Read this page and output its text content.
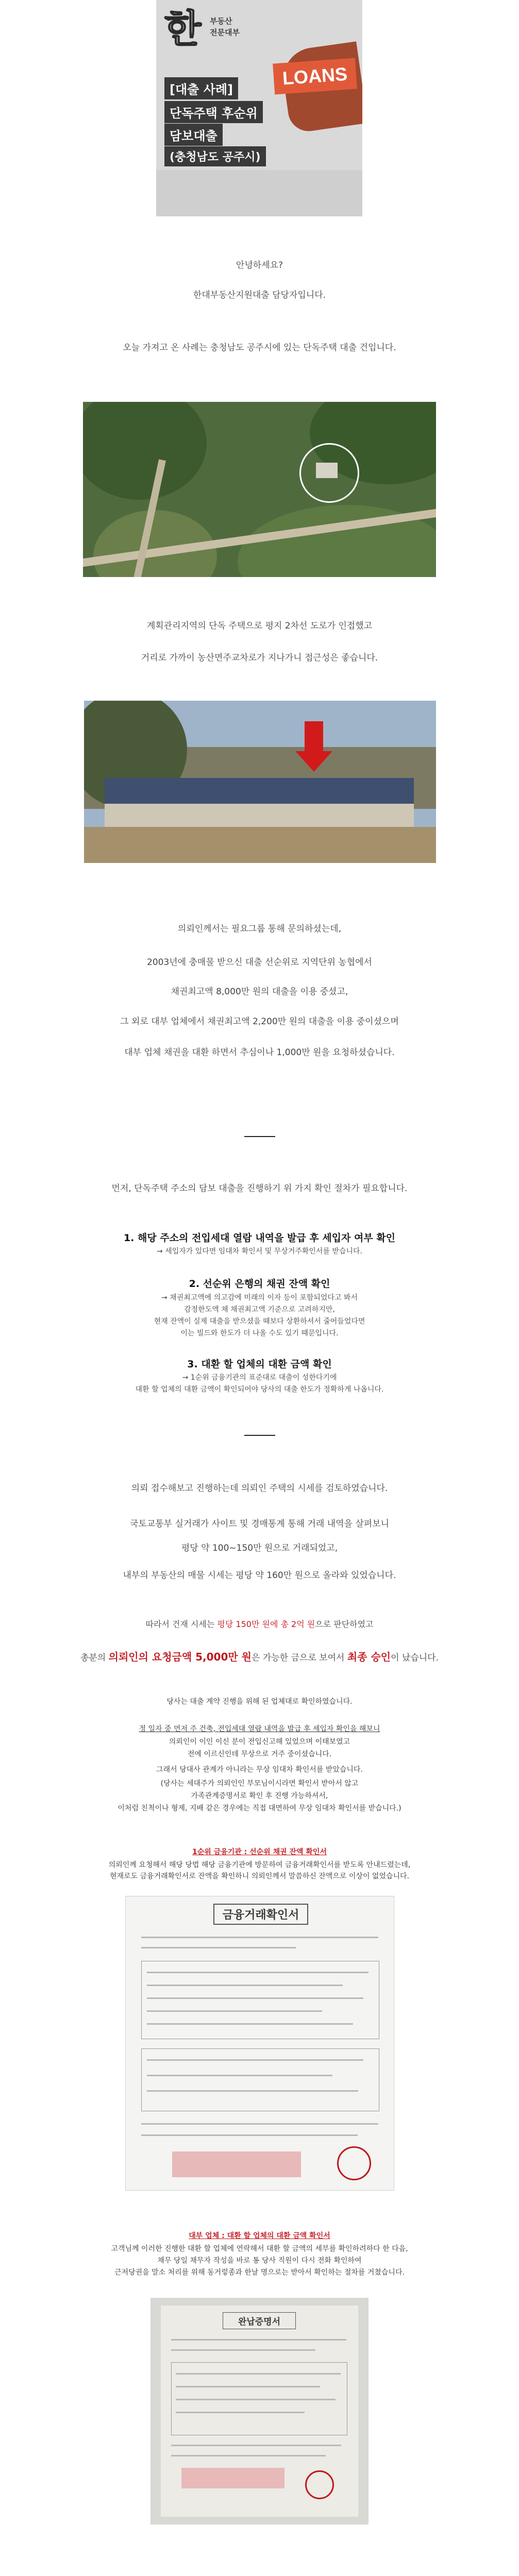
한 부동산
전문대부
LOANS
[대출 사례]
단독주택 후순위
담보대출
(충청남도 공주시)
안녕하세요?
한대부동산지원대출 담당자입니다.
오늘 가져고 온 사례는 충청남도 공주시에 있는 단독주택 대출 건입니다.
계획관리지역의 단독 주택으로 평지 2차선 도로가 인접했고
거리로 가까이 농산면주교차로가 지나가니 접근성은 좋습니다.
의뢰인께서는 필요그룹 통해 문의하셨는데,
2003년에 충매물 받으신 대출 선순위로 지역단위 농협에서
채권최고액 8,000만 원의 대출을 이용 중셨고,
그 외로 대부 업체에서 채권최고액 2,200만 원의 대출을 이용 중이셨으며
대부 업체 채권을 대환 하면서 추심이나 1,000만 원을 요청하셨습니다.
먼저, 단독주택 주소의 담보 대출을 진행하기 위 가지 확인 절차가 필요합니다.
1. 해당 주소의 전입세대 열람 내역을 발급 후 세입자 여부 확인
→ 세입자가 있다면 임대차 확인서 및 무상거주확인서를 받습니다.
2. 선순위 은행의 채권 잔액 확인
→ 채권최고액에 의고감에 미래의 이자 등이 포함되었다고 봐서
감정한도액 채 채권최고액 기준으로 고려하지만,
현재 잔액이 실제 대출을 받으셨을 때보다 상환하셔서 줄어들었다면
이는 빌드와 한도가 더 나올 수도 있기 때문입니다.
3. 대환 할 업체의 대환 금액 확인
→ 1순위 금융기관의 표준대로 대출이 성한다기에
대환 할 업체의 대환 금액이 확인되어야 당사의 대출 한도가 정확하게 나옵니다.
의뢰 접수해보고 진행하는데 의뢰인 주택의 시세를 검토하였습니다.
국토교통부 실거래가 사이트 및 경매통계 통해 거래 내역을 살펴보니
평당 약 100~150만 원으로 거래되었고,
내부의 부동산의 매물 시세는 평당 약 160만 원으로 올라와 있었습니다.
따라서 건재 시세는 평당 150만 원에 총 2억 원으로 판단하였고
총분의 의뢰인의 요청금액 5,000만 원은 가능한 금으로 보여서 최종 승인이 났습니다.
당사는 대출 계약 진행을 위해 된 업체대로 확인하였습니다.
정 일자 중 먼저 주 건축, 전입세대 열람 내역을 발급 후 세입자 확인을 해보니
의뢰인이 이인 이신 분이 전입신고해 있었으며 이태보였고
전에 이르신인데 무상으로 거주 중이셨습니다.
그래서 당대사 관계가 아니라는 무상 임대차 확인서를 받았습니다.
(당사는 세대주가 의뢰인인 부모님이시라면 확인서 받아서 않고
가족관계증명서로 확인 후 진행 가능하셔서,
이처럼 친척이나 형제, 지배 같은 경우에는 직접 대면하여 무상 임대차 확인서를 받습니다.)
1순위 금융기관 : 선순위 채권 잔액 확인서
의뢰인께 요청해서 해당 당법 해당 금융기관에 방문하여 금융거래확인서를 받도록 안내드렸는데,
현재로도 금융거래확인서로 잔액을 확인하니 의뢰인께서 말씀하신 잔액으로 이상이 없었습니다.
금융거래확인서
대부 업체 : 대환 할 업체의 대환 금액 확인서
고객님께 이러한 진행한 대환 할 업체에 연락해서 대환 할 금액의 세부를 확인하려하다 한 다음,
채무 당일 채무자 작성을 바로 통 당사 직원이 다시 전화 확인하여
근저당권을 말소 처리를 위해 동거렇종과 한날 명으로는 받아서 확인하는 절차를 거쳤습니다.
완납증명서
